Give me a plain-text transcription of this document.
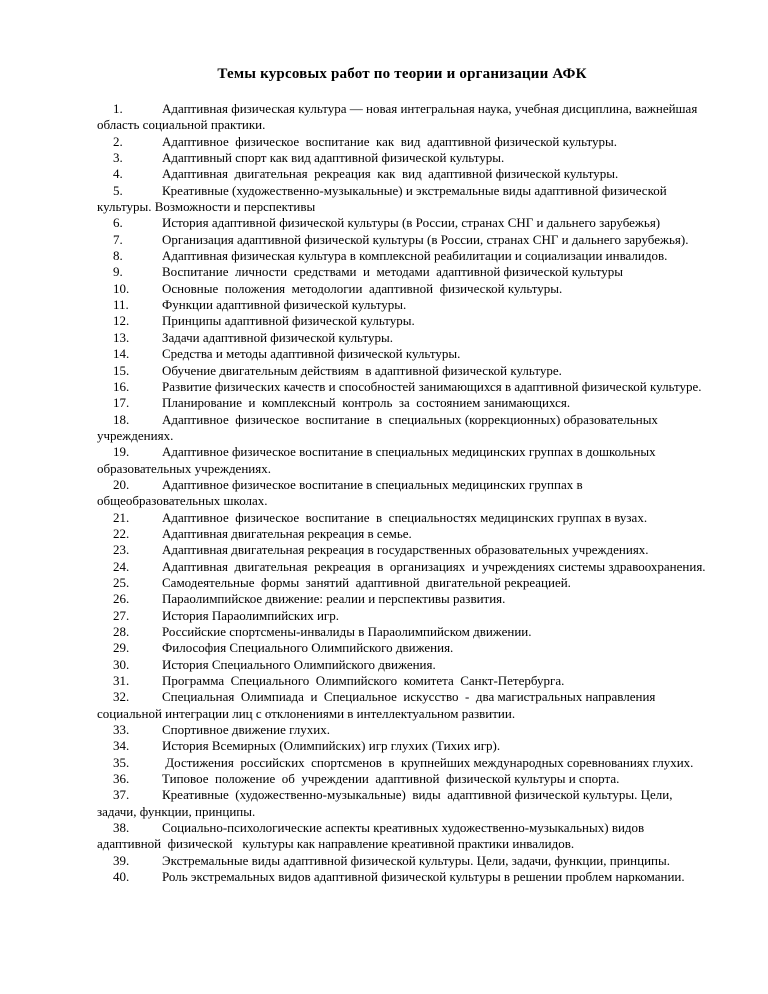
Темы курсовых работ по теории и организации АФК

1.	Адаптивная физическая культура — новая интегральная наука, учебная дисциплина, важнейшая область социальной практики.

2.	Адаптивное  физическое  воспитание  как  вид  адаптивной физической культуры.

3.	Адаптивный спорт как вид адаптивной физической культуры.

4.	Адаптивная  двигательная  рекреация  как  вид  адаптивной физической культуры.

5.	Креативные (художественно-музыкальные) и экстремальные виды адаптивной физической культуры. Возможности и перспективы

6.	История адаптивной физической культуры (в России, странах СНГ и дальнего зарубежья)

7.	Организация адаптивной физической культуры (в России, странах СНГ и дальнего зарубежья).

8.	Адаптивная физическая культура в комплексной реабилитации и социализации инвалидов.

9.	Воспитание  личности  средствами  и  методами  адаптивной физической культуры

10.	Основные  положения  методологии  адаптивной  физической культуры.

11.	Функции адаптивной физической культуры.

12.	Принципы адаптивной физической культуры.

13.	Задачи адаптивной физической культуры.

14.	Средства и методы адаптивной физической культуры.

15.	Обучение двигательным действиям  в адаптивной физической культуре.

16.	Развитие физических качеств и способностей занимающихся в адаптивной физической культуре.

17.	Планирование  и  комплексный  контроль  за  состоянием занимающихся.

18.	Адаптивное  физическое  воспитание  в  специальных (коррекционных) образовательных учреждениях.

19.	Адаптивное физическое воспитание в специальных медицинских группах в дошкольных образовательных учреждениях.

20.	Адаптивное физическое воспитание в специальных медицинских группах в общеобразовательных школах.

21.	Адаптивное  физическое  воспитание  в  специальностях медицинских группах в вузах.

22.	Адаптивная двигательная рекреация в семье.

23.	Адаптивная двигательная рекреация в государственных образовательных учреждениях.

24.	Адаптивная  двигательная  рекреация  в  организациях  и учреждениях системы здравоохранения.

25.	Самодеятельные  формы  занятий  адаптивной  двигательной рекреацией.

26.	Параолимпийское движение: реалии и перспективы развития.

27.	История Параолимпийских игр.

28.	Российские спортсмены-инвалиды в Параолимпийском движении.

29.	Философия Специального Олимпийского движения.

30.	История Специального Олимпийского движения.

31.	Программа  Специального  Олимпийского  комитета  Санкт-Петербурга.

32.	Специальная  Олимпиада  и  Специальное  искусство  -  два магистральных направления социальной интеграции лиц с отклонениями в интеллектуальном развитии.

33.	Спортивное движение глухих.

34.	История Всемирных (Олимпийских) игр глухих (Тихих игр).

35.	Достижения  российских  спортсменов  в  крупнейших международных соревнованиях глухих.

36.	Типовое  положение  об  учреждении  адаптивной  физической культуры и спорта.

37.	Креативные  (художественно-музыкальные)  виды  адаптивной физической культуры. Цели, задачи, функции, принципы.

38.	Социально-психологические аспекты креативных художественно-музыкальных) видов адаптивной  физической   культуры как направление креативной практики инвалидов.

39.	Экстремальные виды адаптивной физической культуры. Цели, задачи, функции, принципы.

40.	Роль экстремальных видов адаптивной физической культуры в решении проблем наркомании.
